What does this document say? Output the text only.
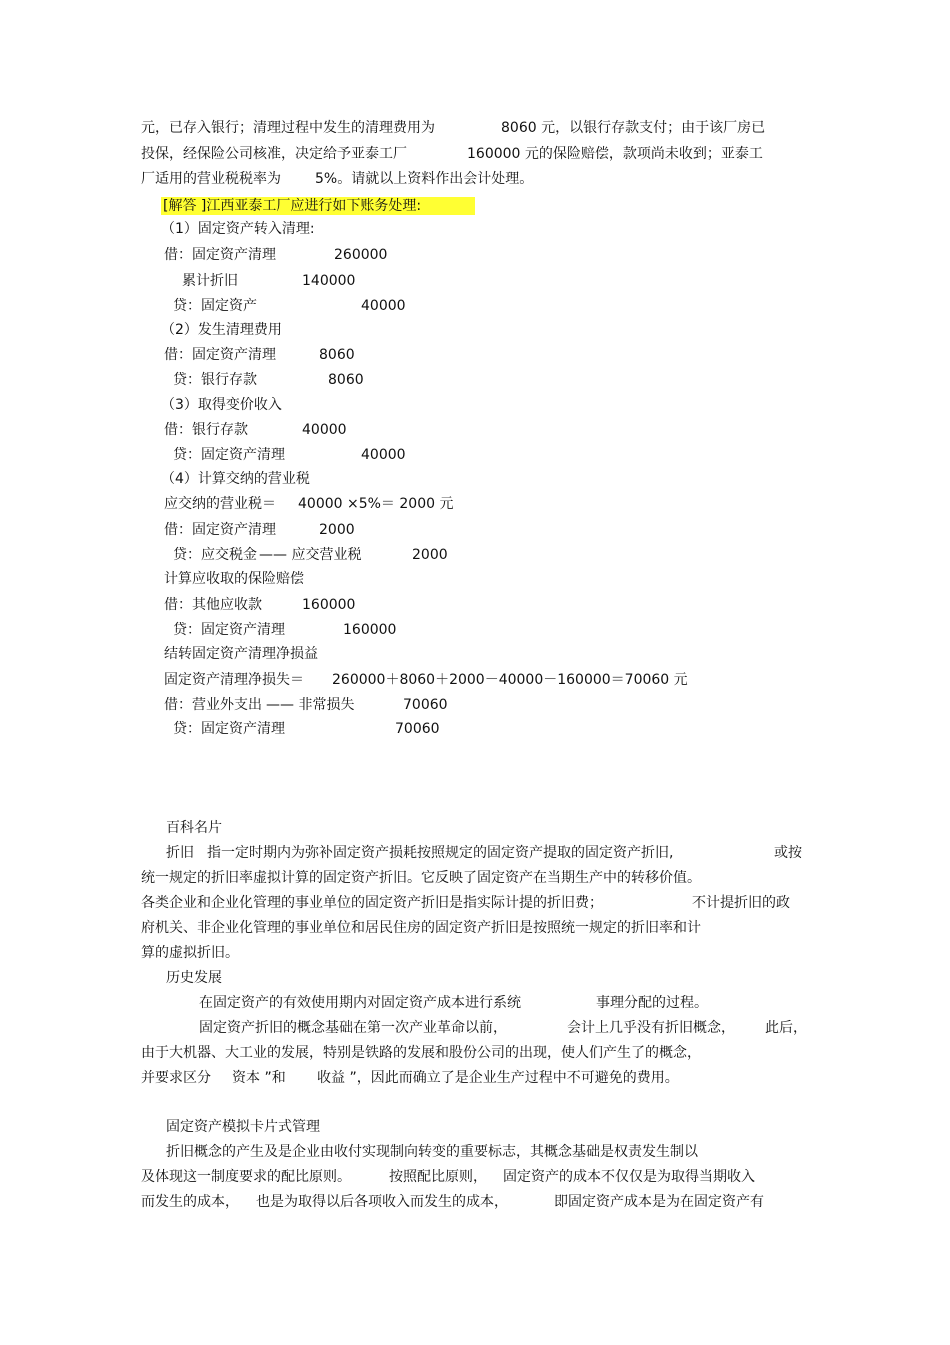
元，已存入银行；清理过程中发生的清理费用为	8060 元，以银行存款支付；由于该厂房已
投保，经保险公司核准，决定给予亚泰工厂	160000 元的保险赔偿，款项尚未收到；亚泰工
厂适用的营业税税率为 5%。请就以上资料作出会计处理。
[解答 ]江西亚泰工厂应进行如下账务处理:
（1）固定资产转入清理:
借：固定资产清理	260000
累计折旧	140000
贷：固定资产	40000
（2）发生清理费用
借：固定资产清理	8060
贷：银行存款	8060
（3）取得变价收入
借：银行存款	40000
贷：固定资产清理	40000
（4）计算交纳的营业税
应交纳的营业税＝ 40000 ×5%＝ 2000 元
借：固定资产清理	2000
贷：应交税金 —— 应交营业税	2000
计算应收取的保险赔偿
借：其他应收款	160000
贷：固定资产清理	160000
结转固定资产清理净损益
固定资产清理净损失＝ 260000＋8060＋2000－40000－160000＝70060 元
借：营业外支出 —— 非常损失	70060
贷：固定资产清理	70060
百科名片
折旧 指一定时期内为弥补固定资产损耗按照规定的固定资产提取的固定资产折旧,	或按
统一规定的折旧率虚拟计算的固定资产折旧。它反映了固定资产在当期生产中的转移价值。
各类企业和企业化管理的事业单位的固定资产折旧是指实际计提的折旧费；	不计提折旧的政
府机关、非企业化管理的事业单位和居民住房的固定资产折旧是按照统一规定的折旧率和计
算的虚拟折旧。
历史发展
在固定资产的有效使用期内对固定资产成本进行系统	事理分配的过程。
固定资产折旧的概念基础在第一次产业革命以前，	会计上几乎没有折旧概念， 此后，
由于大机器、大工业的发展，特别是铁路的发展和股份公司的出现，使人们产生了的概念，
并要求区分 资本 ”和 收益 ”，因此而确立了是企业生产过程中不可避免的费用。
固定资产模拟卡片式管理
折旧概念的产生及是企业由收付实现制向转变的重要标志，其概念基础是权责发生制以
及体现这一制度要求的配比原则。	按照配比原则， 固定资产的成本不仅仅是为取得当期收入
而发生的成本， 也是为取得以后各项收入而发生的成本，	即固定资产成本是为在固定资产有
